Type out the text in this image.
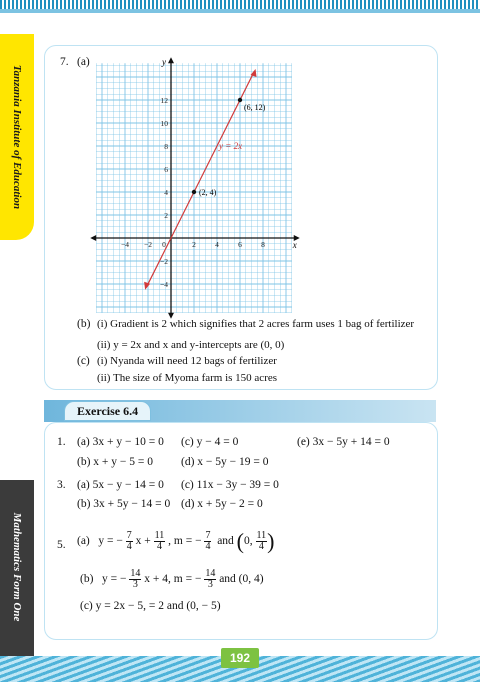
Tanzania Institute of Education
Mathematics Form One
7. (a)	y
x
−4 −2 0	2	4	6	8
12
10
8
6
4
2
−2
−4
(6, 12)
(2, 4)
y = 2x
(b) (i) Gradient is 2 which signifies that 2 acres farm uses 1 bag of fertilizer
(ii) y = 2x and x and y-intercepts are (0, 0)
(c) (i) Nyanda will need 12 bags of fertilizer
(ii) The size of Myoma farm is 150 acres
Exercise 6.4
1. (a) 3x + y − 10 = 0 (c) y − 4 = 0	(e) 3x − 5y + 14 = 0
(b) x + y − 5 = 0 (d) x − 5y − 19 = 0
3. (a) 5x − y − 14 = 0 (c) 11x − 3y − 39 = 0
(b) 3x + 5y − 14 = 0 (d) x + 5y − 2 = 0
5. (a) y = − $\frac{7}{4}$ $x + \frac{11}{4}$ , m = − $\frac{7}{4}$ and (0, $\frac{11}{4}$ )
(b) y = − $\frac{14}{3}$ x + 4, m = − $\frac{14}{3}$ and (0, 4)
(c) y = 2x − 5, = 2 and (0, − 5)
192
